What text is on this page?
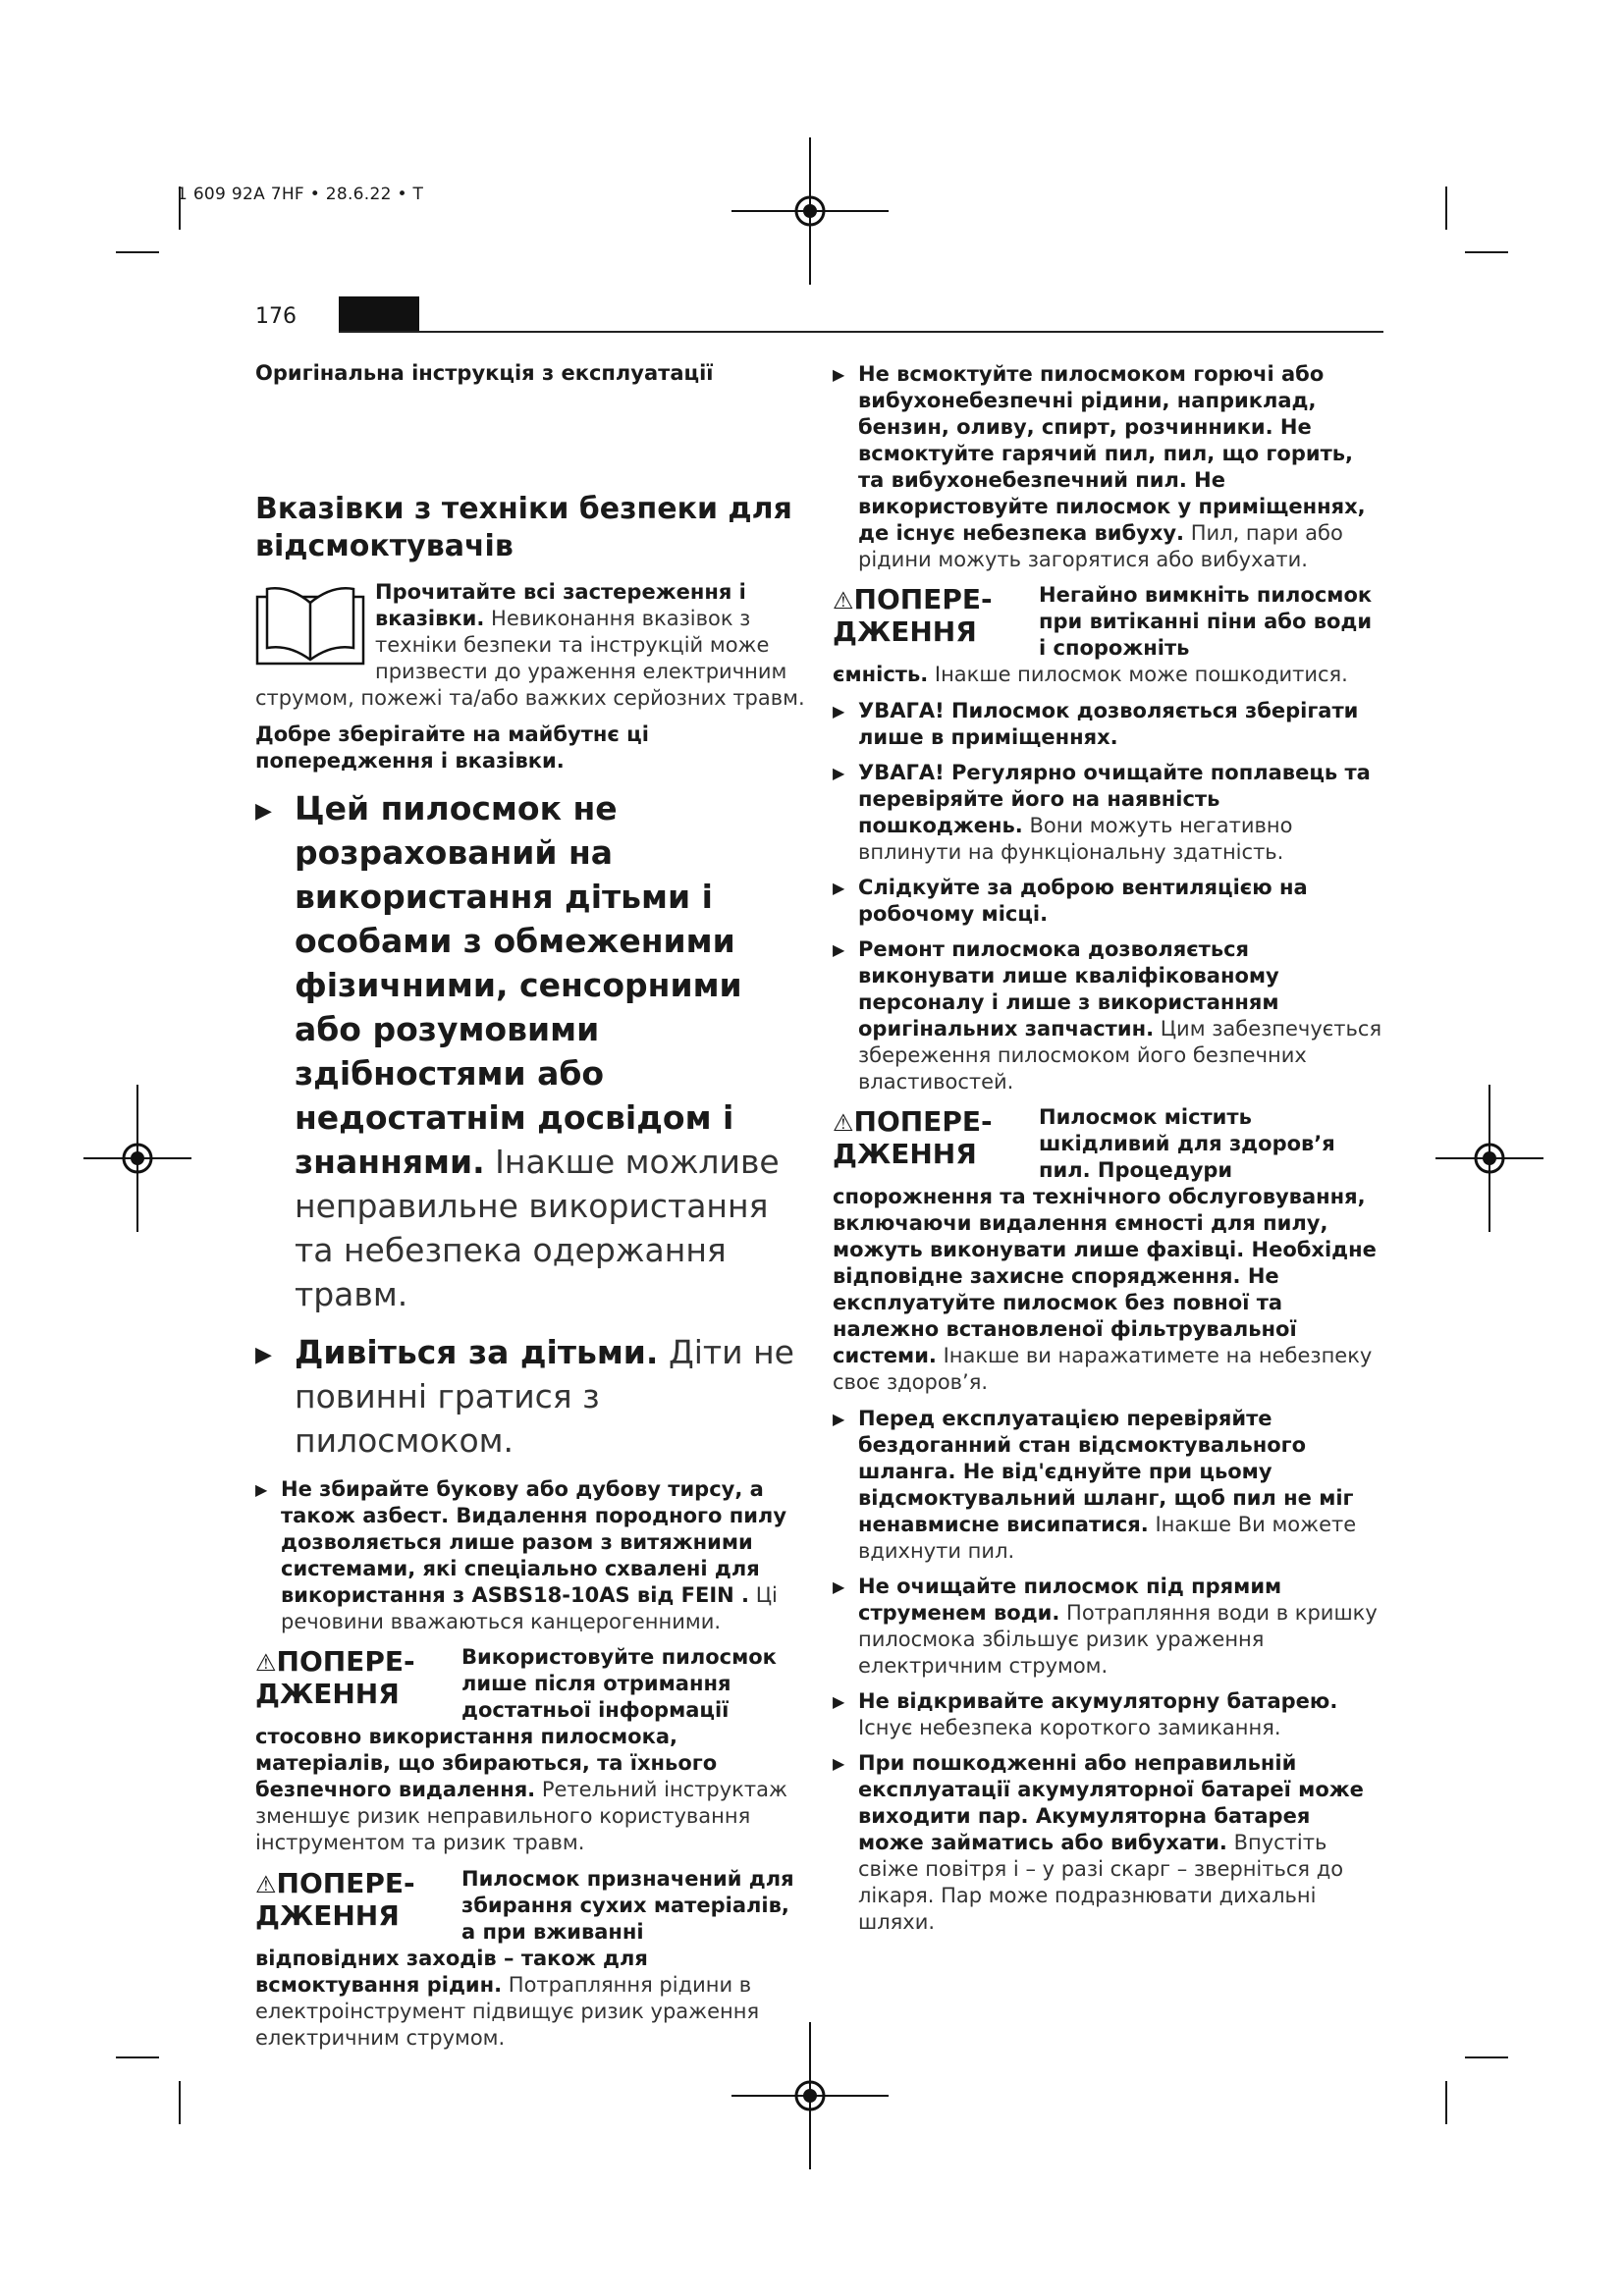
1 609 92A 7HF • 28.6.22 • T
176
Оригінальна інструкція з експлуатації
Вказівки з техніки безпеки для відсмоктувачів
Прочитайте всі застереження і вказівки. Невиконання вказівок з техніки безпеки та інструкцій може призвести до ураження електричним струмом, пожежі та/або важких серйозних травм.
Добре зберігайте на майбутнє ці попередження і вказівки.
▶ Цей пилосмок не розрахований на використання дітьми і особами з обмеженими фізичними, сенсорними або розумовими здібностями або недостатнім досвідом і знаннями. Інакше можливе неправильне використання та небезпека одержання травм.
▶ Дивіться за дітьми. Діти не повинні гратися з пилосмоком.
▶ Не збирайте букову або дубову тирсу, а також азбест. Видалення породного пилу дозволяється лише разом з витяжними системами, які спеціально схвалені для використання з ASBS18-10AS від FEIN . Ці речовини вважаються канцерогенними.
⚠ПОПЕРЕ-ДЖЕННЯ
Використовуйте пилосмок лише після отримання достатньої інформації
стосовно використання пилосмока, матеріалів, що збираються, та їхнього безпечного видалення. Ретельний інструктаж зменшує ризик неправильного користування інструментом та ризик травм.
⚠ПОПЕРЕ-ДЖЕННЯ
Пилосмок призначений для збирання сухих матеріалів, а при вживанні
відповідних заходів – також для всмоктування рідин. Потрапляння рідини в електроінструмент підвищує ризик ураження електричним струмом.
▶ Не всмоктуйте пилосмоком горючі або вибухонебезпечні рідини, наприклад, бензин, оливу, спирт, розчинники. Не всмоктуйте гарячий пил, пил, що горить, та вибухонебезпечний пил. Не використовуйте пилосмок у приміщеннях, де існує небезпека вибуху. Пил, пари або рідини можуть загорятися або вибухати.
⚠ПОПЕРЕ-ДЖЕННЯ
Негайно вимкніть пилосмок при витіканні піни або води і спорожніть
ємність. Інакше пилосмок може пошкодитися.
▶ УВАГА! Пилосмок дозволяється зберігати лише в приміщеннях.
▶ УВАГА! Регулярно очищайте поплавець та перевіряйте його на наявність пошкоджень. Вони можуть негативно вплинути на функціональну здатність.
▶ Слідкуйте за доброю вентиляцією на робочому місці.
▶ Ремонт пилосмока дозволяється виконувати лише кваліфікованому персоналу і лише з використанням оригінальних запчастин. Цим забезпечується збереження пилосмоком його безпечних властивостей.
⚠ПОПЕРЕ-ДЖЕННЯ
Пилосмок містить шкідливий для здоров’я пил. Процедури
спорожнення та технічного обслуговування, включаючи видалення ємності для пилу, можуть виконувати лише фахівці. Необхідне відповідне захисне спорядження. Не експлуатуйте пилосмок без повної та належно встановленої фільтрувальної системи. Інакше ви наражатимете на небезпеку своє здоров’я.
▶ Перед експлуатацією перевіряйте бездоганний стан відсмоктувального шланга. Не від'єднуйте при цьому відсмоктувальний шланг, щоб пил не міг ненавмисне висипатися. Інакше Ви можете вдихнути пил.
▶ Не очищайте пилосмок під прямим струменем води. Потрапляння води в кришку пилосмока збільшує ризик ураження електричним струмом.
▶ Не відкривайте акумуляторну батарею. Існує небезпека короткого замикання.
▶ При пошкодженні або неправильній експлуатації акумуляторної батареї може виходити пар. Акумуляторна батарея може займатись або вибухати. Впустіть свіже повітря і – у разі скарг – зверніться до лікаря. Пар може подразнювати дихальні шляхи.
